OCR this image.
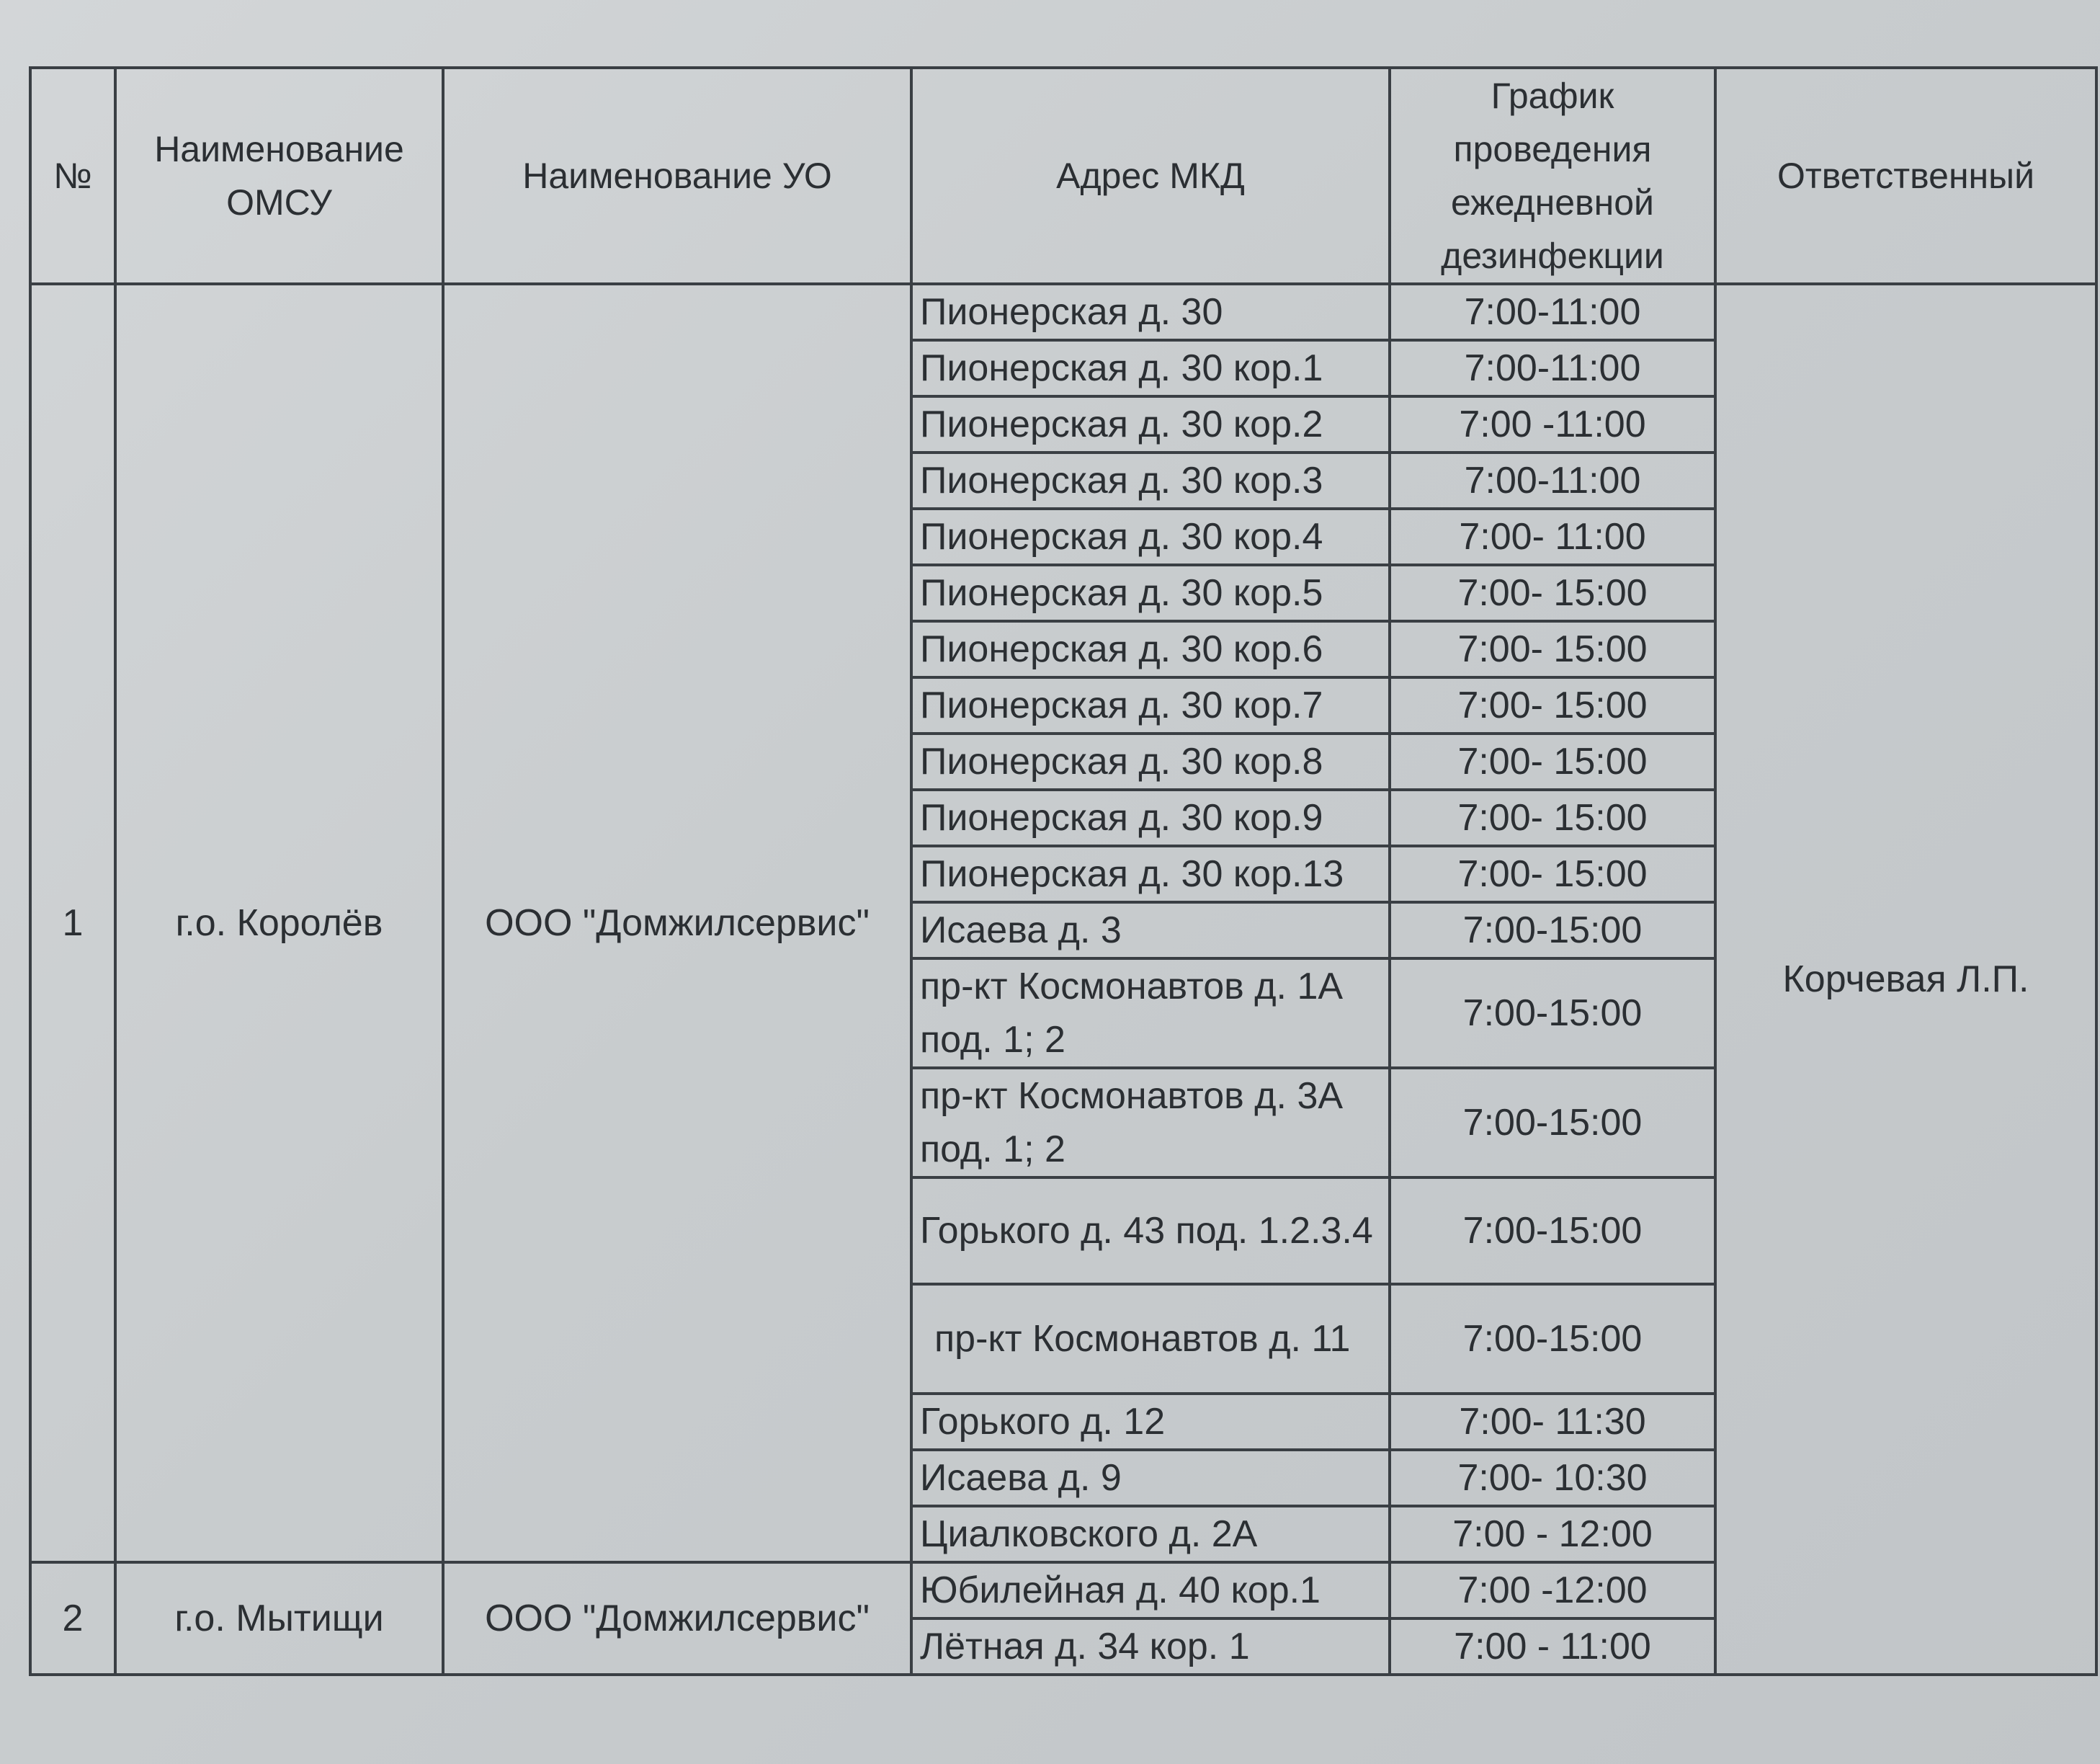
№	Наименование ОМСУ	Наименование УО	Адрес МКД	График проведения ежедневной дезинфекции	Ответственный
1	г.о. Королёв	ООО "Домжилсервис"	Пионерская д. 30	7:00-11:00	Корчевая Л.П.
			Пионерская д. 30 кор.1	7:00-11:00	
			Пионерская д. 30 кор.2	7:00 -11:00	
			Пионерская д. 30 кор.3	7:00-11:00	
			Пионерская д. 30 кор.4	7:00- 11:00	
			Пионерская д. 30 кор.5	7:00- 15:00	
			Пионерская д. 30 кор.6	7:00- 15:00	
			Пионерская д. 30 кор.7	7:00- 15:00	
			Пионерская д. 30 кор.8	7:00- 15:00	
			Пионерская д. 30 кор.9	7:00- 15:00	
			Пионерская д. 30 кор.13	7:00- 15:00	
			Исаева д. 3	7:00-15:00	
			пр-кт Космонавтов д. 1А под. 1; 2	7:00-15:00	
			пр-кт Космонавтов д. 3А под. 1; 2	7:00-15:00	
			Горького д. 43 под. 1.2.3.4	7:00-15:00	
			пр-кт Космонавтов д. 11	7:00-15:00	
			Горького д. 12	7:00- 11:30	
			Исаева д. 9	7:00- 10:30	
			Циалковского д. 2А	7:00 - 12:00	
2	г.о. Мытищи	ООО "Домжилсервис"	Юбилейная д. 40 кор.1	7:00 -12:00	
			Лётная д. 34 кор. 1	7:00 - 11:00	
